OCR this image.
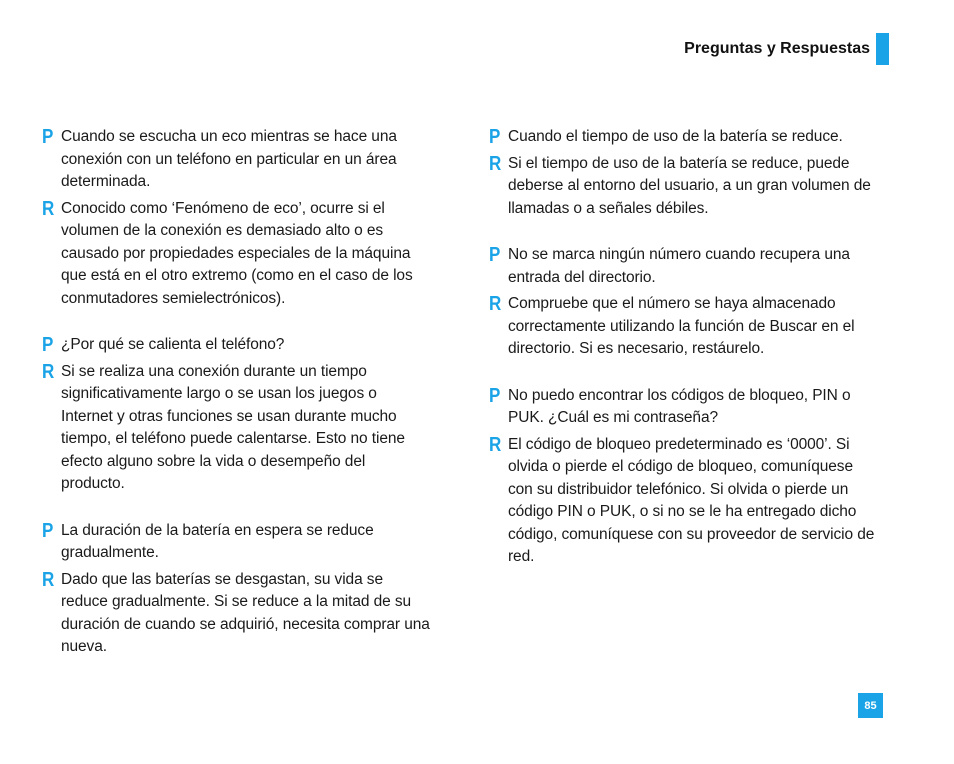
Preguntas y Respuestas
P Cuando se escucha un eco mientras se hace una conexión con un teléfono en particular en un área determinada.
R Conocido como ‘Fenómeno de eco’, ocurre si el volumen de la conexión es demasiado alto o es causado por propiedades especiales de la máquina que está en el otro extremo (como en el caso de los conmutadores semielectrónicos).
P ¿Por qué se calienta el teléfono?
R Si se realiza una conexión durante un tiempo significativamente largo o se usan los juegos o Internet y otras funciones se usan durante mucho tiempo, el teléfono puede calentarse. Esto no tiene efecto alguno sobre la vida o desempeño del producto.
P La duración de la batería en espera se reduce gradualmente.
R Dado que las baterías se desgastan, su vida se reduce gradualmente. Si se reduce a la mitad de su duración de cuando se adquirió, necesita comprar una nueva.
P Cuando el tiempo de uso de la batería se reduce.
R Si el tiempo de uso de la batería se reduce, puede deberse al entorno del usuario, a un gran volumen de llamadas o a señales débiles.
P No se marca ningún número cuando recupera una entrada del directorio.
R Compruebe que el número se haya almacenado correctamente utilizando la función de Buscar en el directorio. Si es necesario, restáurelo.
P No puedo encontrar los códigos de bloqueo, PIN o PUK. ¿Cuál es mi contraseña?
R El código de bloqueo predeterminado es ‘0000’. Si olvida o pierde el código de bloqueo, comuníquese con su distribuidor telefónico. Si olvida o pierde un código PIN o PUK, o si no se le ha entregado dicho código, comuníquese con su proveedor de servicio de red.
85
